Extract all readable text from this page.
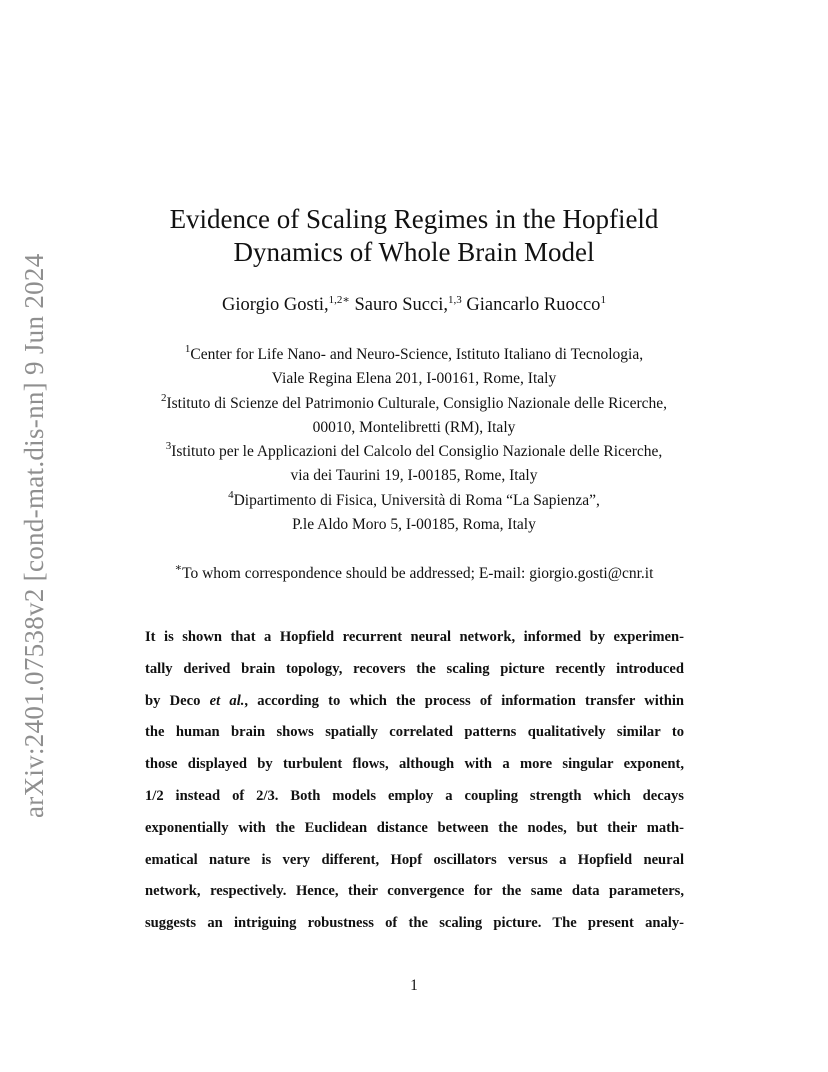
arXiv:2401.07538v2 [cond-mat.dis-nn] 9 Jun 2024
Evidence of Scaling Regimes in the Hopfield
Dynamics of Whole Brain Model
Giorgio Gosti,$^{1,2∗}$ Sauro Succi,$^{1,3}$ Giancarlo Ruocco$^1$
$^1$Center for Life Nano- and Neuro-Science, Istituto Italiano di Tecnologia,
Viale Regina Elena 201, I-00161, Rome, Italy
$^2$Istituto di Scienze del Patrimonio Culturale, Consiglio Nazionale delle Ricerche,
00010, Montelibretti (RM), Italy
$^3$Istituto per le Applicazioni del Calcolo del Consiglio Nazionale delle Ricerche,
via dei Taurini 19, I-00185, Rome, Italy
$^4$Dipartimento di Fisica, Università di Roma “La Sapienza”,
P.le Aldo Moro 5, I-00185, Roma, Italy
∗To whom correspondence should be addressed; E-mail: giorgio.gosti@cnr.it
It is shown that a Hopfield recurrent neural network, informed by experimen-
tally derived brain topology, recovers the scaling picture recently introduced
by Deco et al., according to which the process of information transfer within
the human brain shows spatially correlated patterns qualitatively similar to
those displayed by turbulent flows, although with a more singular exponent,
1/2 instead of 2/3. Both models employ a coupling strength which decays
exponentially with the Euclidean distance between the nodes, but their math-
ematical nature is very different, Hopf oscillators versus a Hopfield neural
network, respectively. Hence, their convergence for the same data parameters,
suggests an intriguing robustness of the scaling picture. The present analy-
1
